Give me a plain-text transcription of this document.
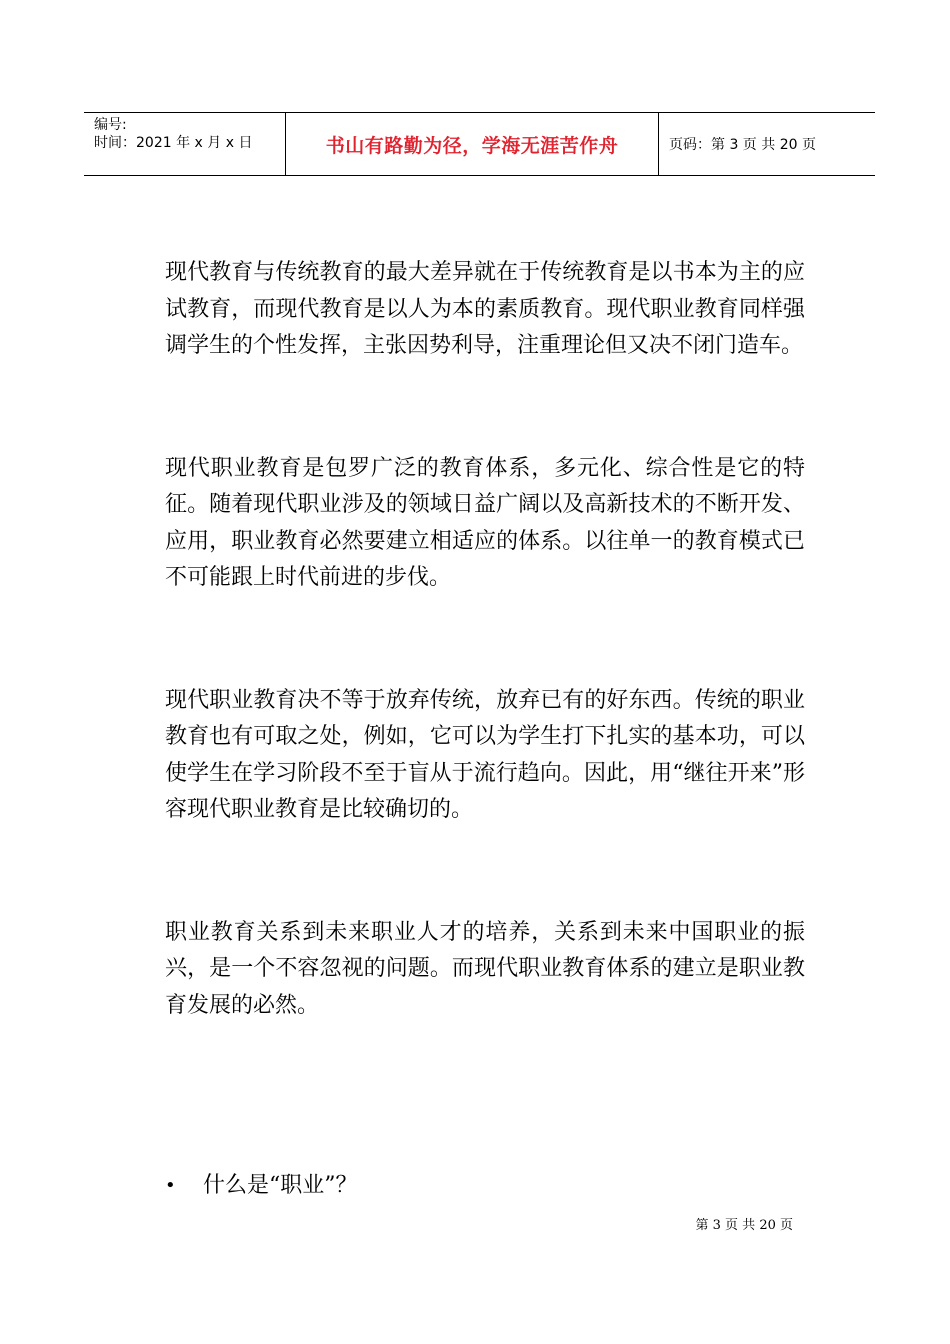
编号:
时间：2021 年 x 月 x 日	书山有路勤为径，学海无涯苦作舟	页码：第 3 页 共 20 页

现代教育与传统教育的最大差异就在于传统教育是以书本为主的应试教育，而现代教育是以人为本的素质教育。现代职业教育同样强调学生的个性发挥，主张因势利导，注重理论但又决不闭门造车。

现代职业教育是包罗广泛的教育体系，多元化、综合性是它的特征。随着现代职业涉及的领域日益广阔以及高新技术的不断开发、应用，职业教育必然要建立相适应的体系。以往单一的教育模式已不可能跟上时代前进的步伐。

现代职业教育决不等于放弃传统，放弃已有的好东西。传统的职业教育也有可取之处，例如，它可以为学生打下扎实的基本功，可以使学生在学习阶段不至于盲从于流行趋向。因此，用“继往开来”形容现代职业教育是比较确切的。

职业教育关系到未来职业人才的培养，关系到未来中国职业的振兴，是一个不容忽视的问题。而现代职业教育体系的建立是职业教育发展的必然。

•	什么是“职业”？
第 3 页 共 20 页
